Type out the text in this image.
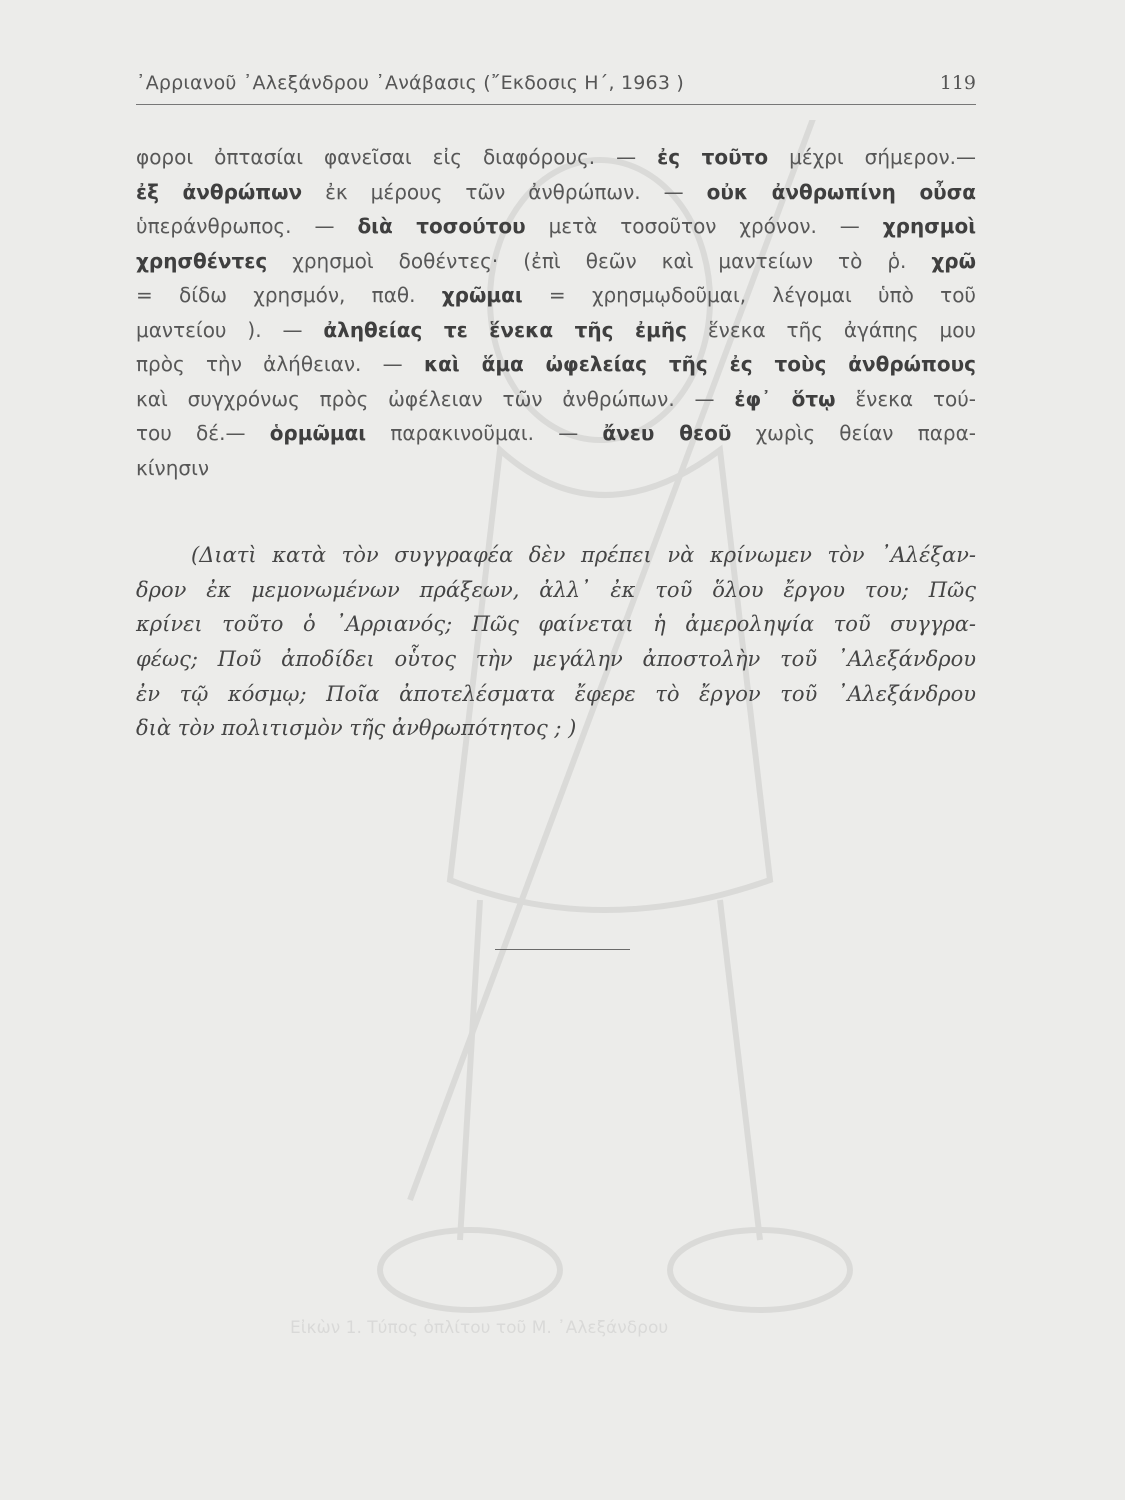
᾿Αρριανοῦ ᾿Αλεξάνδρου ᾿Ανάβασις (῎Εκδοσις Η΄, 1963 )	119
φοροι ὀπτασίαι φανεῖσαι εἰς διαφόρους. — ἐς τοῦτο μέχρι σήμερον.—
ἐξ ἀνθρώπων ἐκ μέρους τῶν ἀνθρώπων. — οὐκ ἀνθρωπίνη οὖσα
ὑπεράνθρωπος. — διὰ τοσούτου μετὰ τοσοῦτον χρόνον. — χρησμοὶ
χρησθέντες χρησμοὶ δοθέντες· (ἐπὶ θεῶν καὶ μαντείων τὸ ῥ. χρῶ
= δίδω χρησμόν, παθ. χρῶμαι = χρησμῳδοῦμαι, λέγομαι ὑπὸ τοῦ
μαντείου ). — ἀληθείας τε ἕνεκα τῆς ἐμῆς ἕνεκα τῆς ἀγάπης μου
πρὸς τὴν ἀλήθειαν. — καὶ ἅμα ὠφελείας τῆς ἐς τοὺς ἀνθρώπους
καὶ συγχρόνως πρὸς ὠφέλειαν τῶν ἀνθρώπων. — ἐφ᾿ ὅτῳ ἕνεκα τού-
του δέ.— ὁρμῶμαι παρακινοῦμαι. — ἄνευ θεοῦ χωρὶς θείαν παρα-
κίνησιν
(Διατὶ κατὰ τὸν συγγραφέα δὲν πρέπει νὰ κρίνωμεν τὸν ᾿Αλέξαν-
δρον ἐκ μεμονωμένων πράξεων, ἀλλ᾿ ἐκ τοῦ ὅλου ἔργου του; Πῶς
κρίνει τοῦτο ὁ ᾿Αρριανός; Πῶς φαίνεται ἡ ἀμεροληψία τοῦ συγγρα-
φέως; Ποῦ ἀποδίδει οὗτος τὴν μεγάλην ἀποστολὴν τοῦ ᾿Αλεξάνδρου
ἐν τῷ κόσμῳ; Ποῖα ἀποτελέσματα ἔφερε τὸ ἔργον τοῦ ᾿Αλεξάνδρου
διὰ τὸν πολιτισμὸν τῆς ἀνθρωπότητος ; )
Εἰκὼν 1. Τύπος ὁπλίτου τοῦ Μ. ᾿Αλεξάνδρου
